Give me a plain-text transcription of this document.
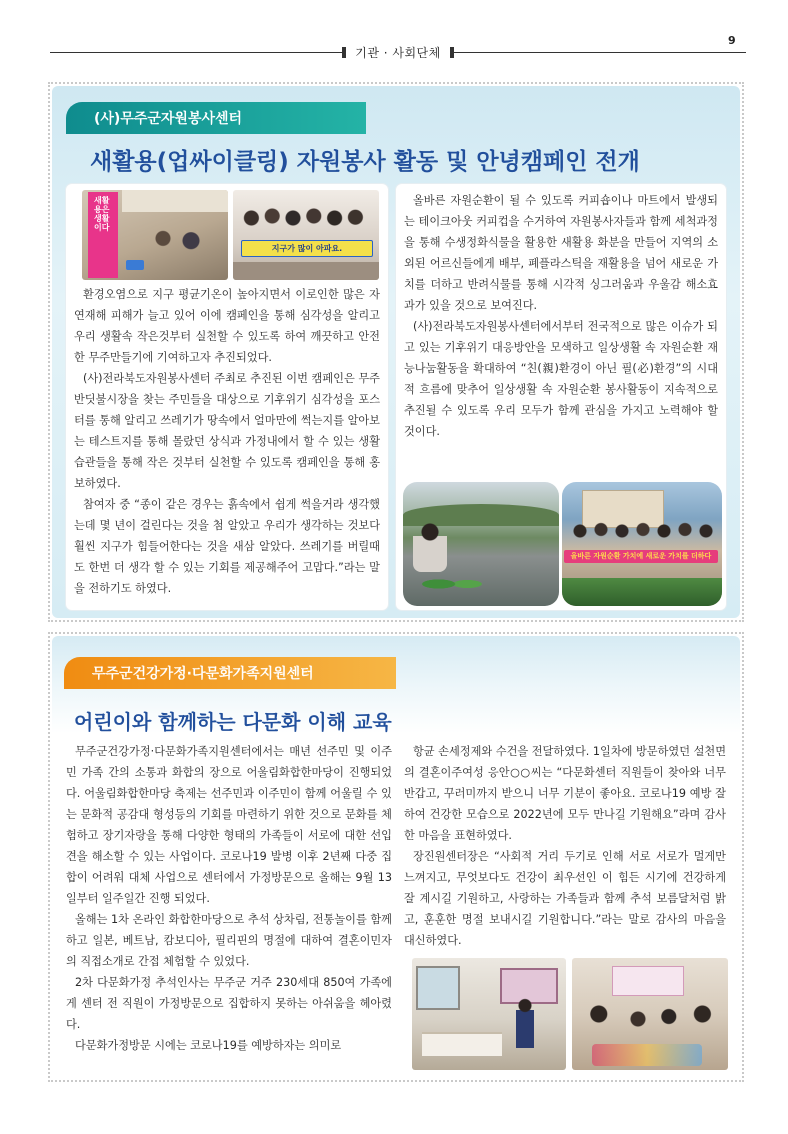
기관 · 사회단체
9
(사)무주군자원봉사센터
새활용(업싸이클링) 자원봉사 활동 및 안녕캠페인 전개
새활용은 생활이다
지구가 많이 아파요.

환경오염으로 지구 평균기온이 높아지면서 이로인한 많은 자연재해 피해가 늘고 있어 이에 캠페인을 통해 심각성을 알리고 우리 생활속 작은것부터 실천할 수 있도록 하여 깨끗하고 안전한 무주만들기에 기여하고자 추진되었다.

(사)전라북도자원봉사센터 주최로 추진된 이번 캠페인은 무주반딧불시장을 찾는 주민들을 대상으로 기후위기 심각성을 포스터를 통해 알리고 쓰레기가 땅속에서 얼마만에 썩는지를 알아보는 테스트지를 통해 몰랐던 상식과 가정내에서 할 수 있는 생활습관들을 통해 작은 것부터 실천할 수 있도록 캠페인을 통해 홍보하였다.

참여자 중 “종이 같은 경우는 흙속에서 쉽게 썩을거라 생각했는데 몇 년이 걸린다는 것을 첨 알았고 우리가 생각하는 것보다 훨씬 지구가 힘들어한다는 것을 새삼 알았다. 쓰레기를 버릴때도 한번 더 생각 할 수 있는 기회를 제공해주어 고맙다.”라는 말을 전하기도 하였다.

올바른 자원순환이 될 수 있도록 커피숍이나 마트에서 발생되는 테이크아웃 커피컵을 수거하여 자원봉사자들과 함께 세척과정을 통해 수생정화식물을 활용한 새활용 화분을 만들어 지역의 소외된 어르신들에게 배부, 폐플라스틱을 재활용을 넘어 새로운 가치를 더하고 반려식물를 통해 시각적 싱그러움과 우울감 해소효과가 있을 것으로 보여진다.

(사)전라북도자원봉사센터에서부터 전국적으로 많은 이슈가 되고 있는 기후위기 대응방안을 모색하고 일상생활 속 자원순환 재능나눔활동을 확대하여 “친(親)환경이 아닌 필(必)환경”의 시대적 흐름에 맞추어 일상생활 속 자원순환 봉사활동이 지속적으로 추진될 수 있도록 우리 모두가 함께 관심을 가지고 노력해야 할 것이다.

올바른 자원순환 가치에 새로운 가치를 더하다
무주군건강가정·다문화가족지원센터
어린이와 함께하는 다문화 이해 교육

무주군건강가정·다문화가족지원센터에서는 매년 선주민 및 이주민 가족 간의 소통과 화합의 장으로 어울림화합한마당이 진행되었다. 어울림화합한마당 축제는 선주민과 이주민이 함께 어울릴 수 있는 문화적 공감대 형성등의 기회를 마련하기 위한 것으로 문화를 체험하고 장기자랑을 통해 다양한 형태의 가족들이 서로에 대한 선입견을 해소할 수 있는 사업이다. 코로나19 발병 이후 2년째 다중 집합이 어려워 대체 사업으로 센터에서 가정방문으로 올해는 9월 13일부터 일주일간 진행 되었다.

올해는 1차 온라인 화합한마당으로 추석 상차림, 전통놀이를 함께하고 일본, 베트남, 캄보디아, 필리핀의 명절에 대하여 결혼이민자의 직접소개로 간접 체험할 수 있었다.

2차 다문화가정 추석인사는 무주군 거주 230세대 850여 가족에게 센터 전 직원이 가정방문으로 집합하지 못하는 아쉬움을 헤아렸다.

다문화가정방문 시에는 코로나19를 예방하자는 의미로

항균 손세정제와 수건을 전달하였다. 1일차에 방문하였던 설천면의 결혼이주여성 응안○○씨는 “다문화센터 직원들이 찾아와 너무 반갑고, 꾸러미까지 받으니 너무 기분이 좋아요. 코로나19 예방 잘하여 건강한 모습으로 2022년에 모두 만나길 기원해요”라며 감사한 마음을 표현하였다.

장진원센터장은 “사회적 거리 두기로 인해 서로 서로가 멀게만 느껴지고, 무엇보다도 건강이 최우선인 이 힘든 시기에 건강하게 잘 계시길 기원하고, 사랑하는 가족들과 함께 추석 보름달처럼 밝고, 훈훈한 명절 보내시길 기원합니다.”라는 말로 감사의 마음을 대신하였다.
